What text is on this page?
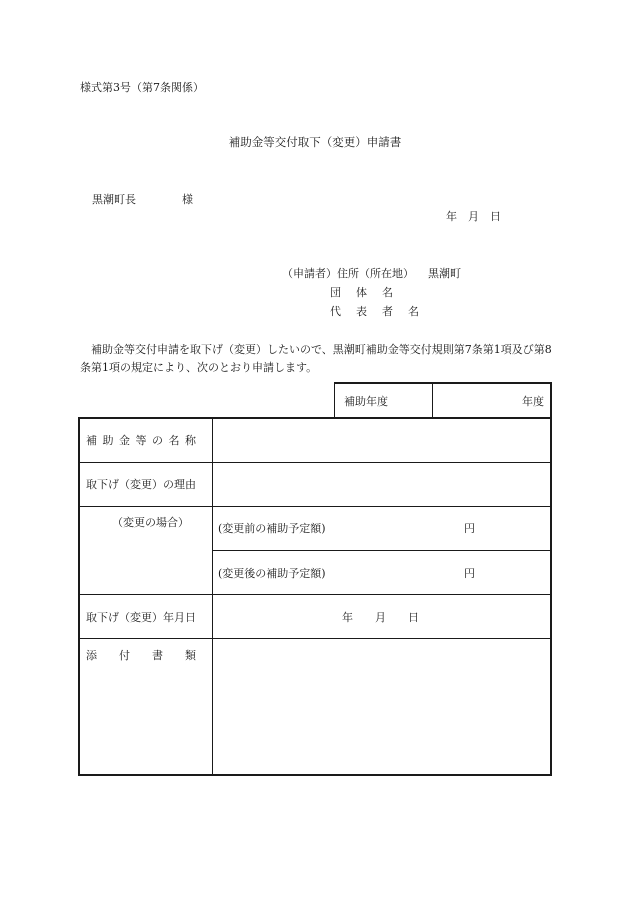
様式第3号（第7条関係）
補助金等交付取下（変更）申請書
黒潮町長	様
年　月　日
（申請者）住所（所在地） 黒潮町
団　体　名
代　表　者　名
補助金等交付申請を取下げ（変更）したいので、黒潮町補助金等交付規則第7条第1項及び第8条第1項の規定により、次のとおり申請します。
補助年度	年度
補 助 金 等 の 名 称
取下げ（変更）の理由
（変更の場合）	(変更前の補助予定額)	円
(変更後の補助予定額)	円
取下げ（変更）年月日	年　　月　　日
添　　付　　書　　類
